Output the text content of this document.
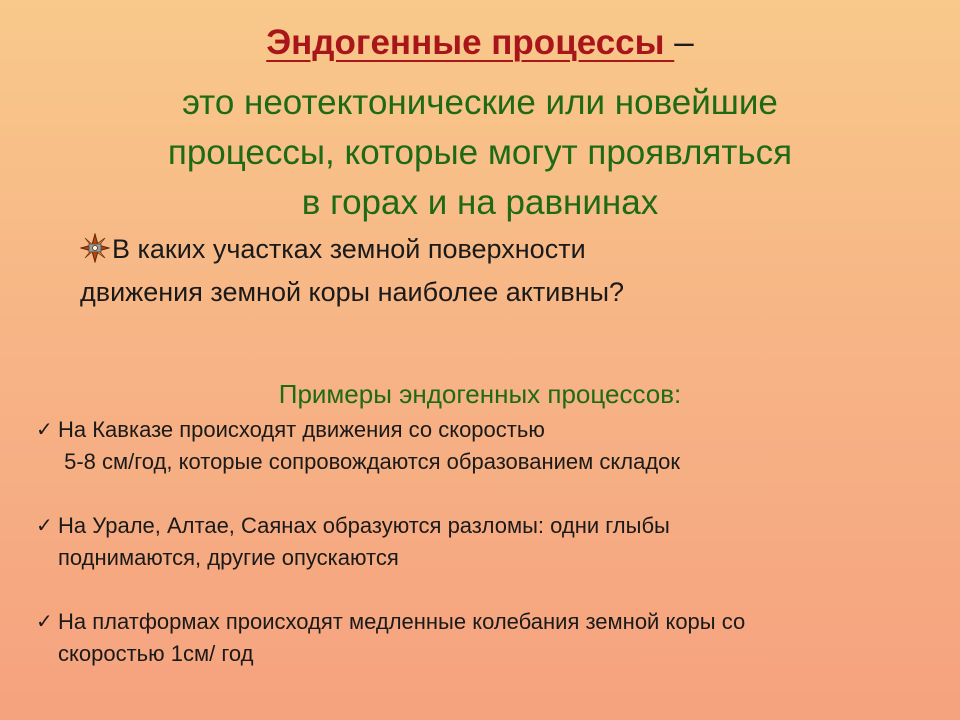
Эндогенные процессы –
это неотектонические или новейшие
процессы, которые могут проявляться
в горах и на равнинах
В каких участках земной поверхности
движения земной коры наиболее активны?
Примеры эндогенных процессов:
✓ На Кавказе происходят движения со скоростью
5-8 см/год, которые сопровождаются образованием складок
✓ На Урале, Алтае, Саянах образуются разломы: одни глыбы
поднимаются, другие опускаются
✓ На платформах происходят медленные колебания земной коры со
скоростью 1см/ год
